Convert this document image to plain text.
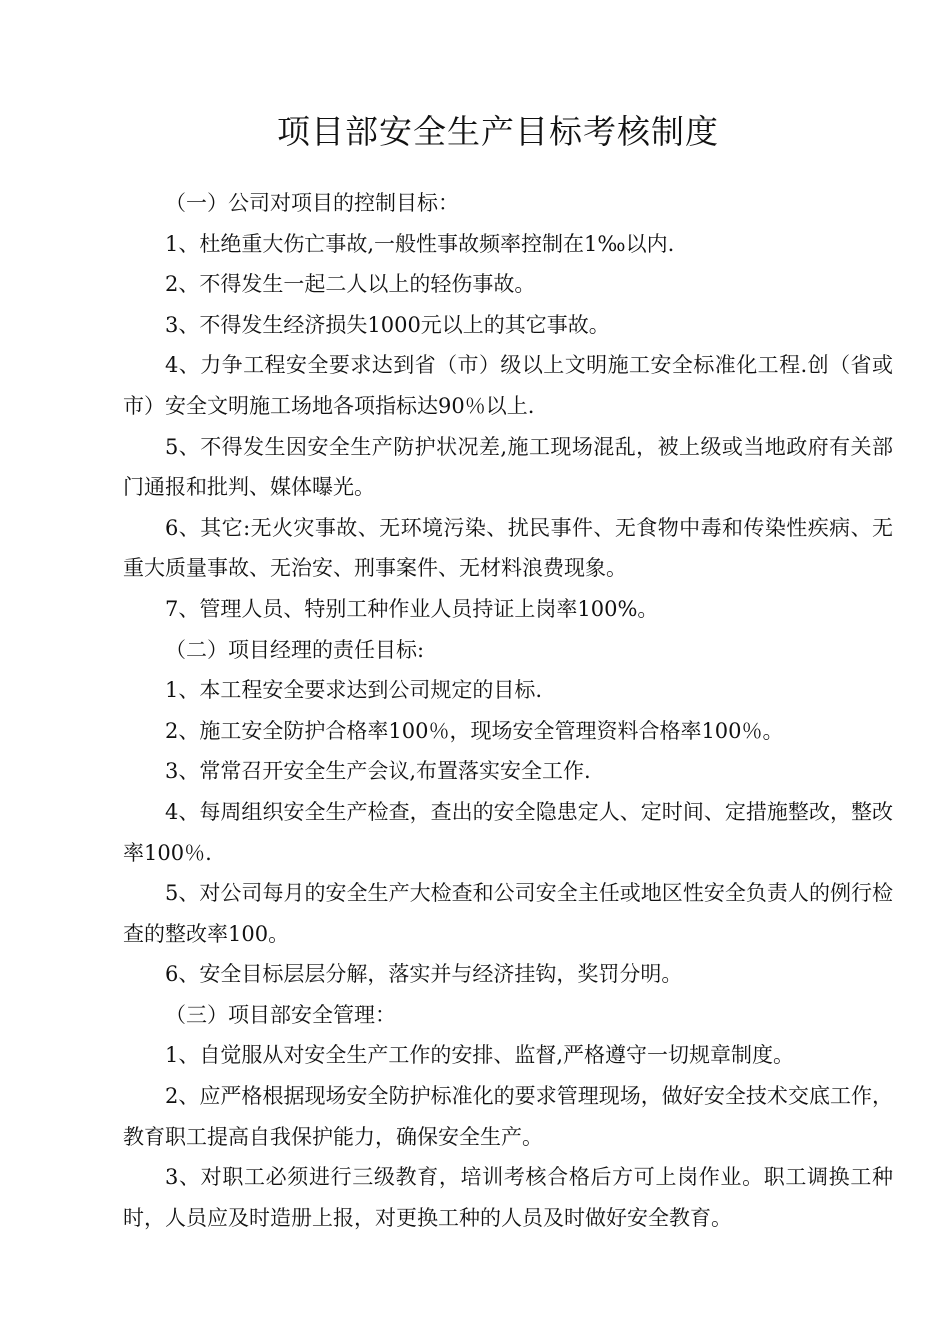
项目部安全生产目标考核制度

（一）公司对项目的控制目标：

1、杜绝重大伤亡事故,一般性事故频率控制在1‰以内.

2、不得发生一起二人以上的轻伤事故。

3、不得发生经济损失1000元以上的其它事故。

4、力争工程安全要求达到省（市）级以上文明施工安全标准化工程.创（省或市）安全文明施工场地各项指标达90％以上.

5、不得发生因安全生产防护状况差,施工现场混乱，被上级或当地政府有关部门通报和批判、媒体曝光。

6、其它:无火灾事故、无环境污染、扰民事件、无食物中毒和传染性疾病、无重大质量事故、无治安、刑事案件、无材料浪费现象。

7、管理人员、特别工种作业人员持证上岗率100%。

（二）项目经理的责任目标:

1、本工程安全要求达到公司规定的目标.

2、施工安全防护合格率100％，现场安全管理资料合格率100％。

3、常常召开安全生产会议,布置落实安全工作.

4、每周组织安全生产检查，查出的安全隐患定人、定时间、定措施整改，整改率100％.

5、对公司每月的安全生产大检查和公司安全主任或地区性安全负责人的例行检查的整改率100。

6、安全目标层层分解，落实并与经济挂钩，奖罚分明。

（三）项目部安全管理：

1、自觉服从对安全生产工作的安排、监督,严格遵守一切规章制度。

2、应严格根据现场安全防护标准化的要求管理现场，做好安全技术交底工作，教育职工提高自我保护能力，确保安全生产。

3、对职工必须进行三级教育，培训考核合格后方可上岗作业。职工调换工种时，人员应及时造册上报，对更换工种的人员及时做好安全教育。
